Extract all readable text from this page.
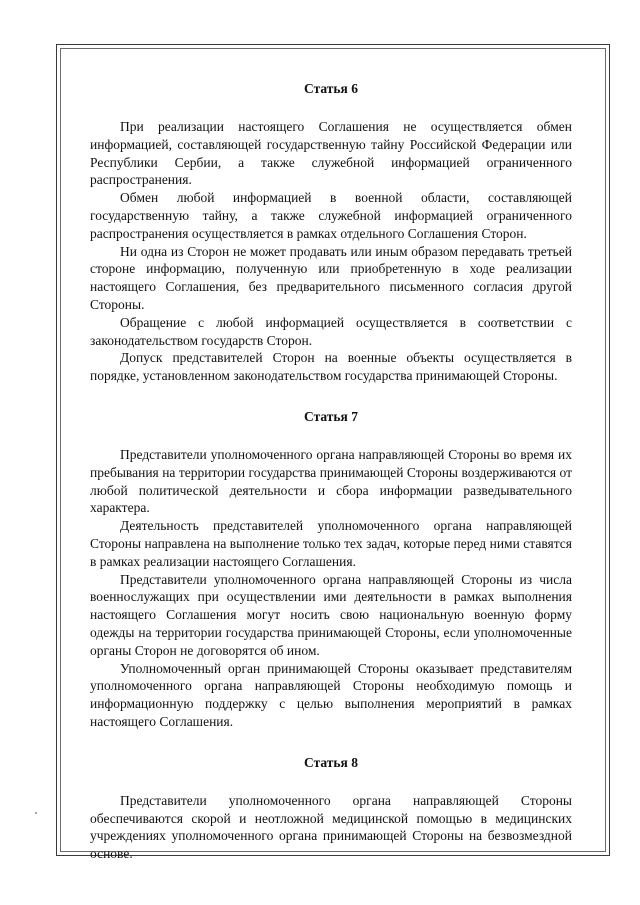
Статья 6

При реализации настоящего Соглашения не осуществляется обмен информацией, составляющей государственную тайну Российской Федерации или Республики Сербии, а также служебной информацией ограниченного распространения.

Обмен любой информацией в военной области, составляющей государственную тайну, а также служебной информацией ограниченного распространения осуществляется в рамках отдельного Соглашения Сторон.

Ни одна из Сторон не может продавать или иным образом передавать третьей стороне информацию, полученную или приобретенную в ходе реализации настоящего Соглашения, без предварительного письменного согласия другой Стороны.

Обращение с любой информацией осуществляется в соответствии с законодательством государств Сторон.

Допуск представителей Сторон на военные объекты осуществляется в порядке, установленном законодательством государства принимающей Стороны.

Статья 7

Представители уполномоченного органа направляющей Стороны во время их пребывания на территории государства принимающей Стороны воздерживаются от любой политической деятельности и сбора информации разведывательного характера.

Деятельность представителей уполномоченного органа направляющей Стороны направлена на выполнение только тех задач, которые перед ними ставятся в рамках реализации настоящего Соглашения.

Представители уполномоченного органа направляющей Стороны из числа военнослужащих при осуществлении ими деятельности в рамках выполнения настоящего Соглашения могут носить свою национальную военную форму одежды на территории государства принимающей Стороны, если уполномоченные органы Сторон не договорятся об ином.

Уполномоченный орган принимающей Стороны оказывает представителям уполномоченного органа направляющей Стороны необходимую помощь и информационную поддержку с целью выполнения мероприятий в рамках настоящего Соглашения.

Статья 8

Представители уполномоченного органа направляющей Стороны обеспечиваются скорой и неотложной медицинской помощью в медицинских учреждениях уполномоченного органа принимающей Стороны на безвозмездной основе.
